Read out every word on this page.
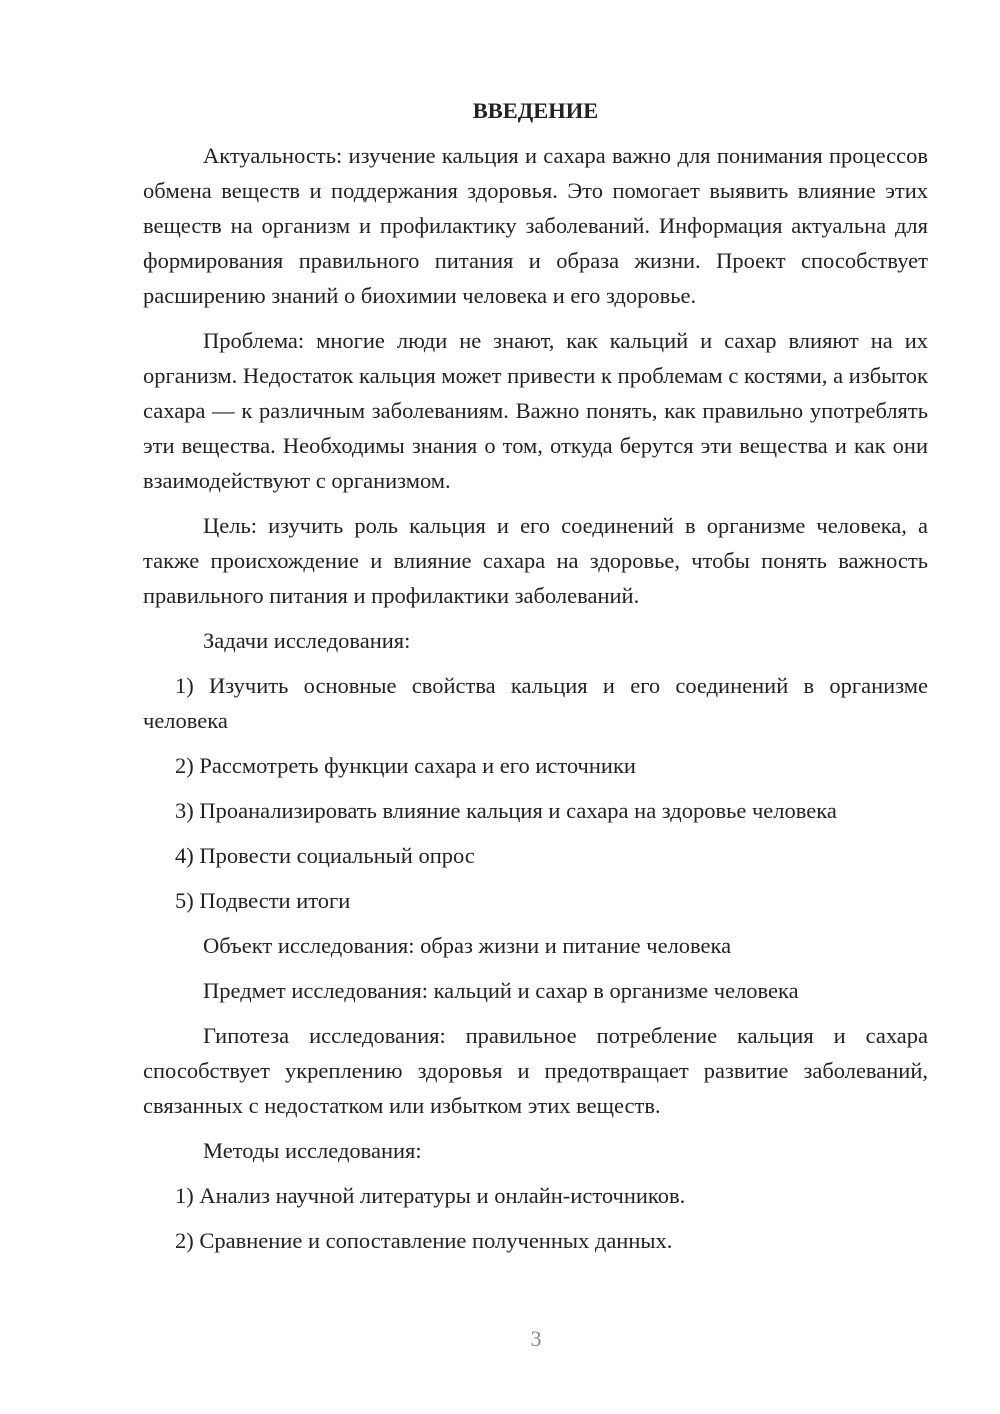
ВВЕДЕНИЕ

Актуальность: изучение кальция и сахара важно для понимания процессов обмена веществ и поддержания здоровья. Это помогает выявить влияние этих веществ на организм и профилактику заболеваний. Информация актуальна для формирования правильного питания и образа жизни. Проект способствует расширению знаний о биохимии человека и его здоровье.

Проблема: многие люди не знают, как кальций и сахар влияют на их организм. Недостаток кальция может привести к проблемам с костями, а избыток сахара — к различным заболеваниям. Важно понять, как правильно употреблять эти вещества. Необходимы знания о том, откуда берутся эти вещества и как они взаимодействуют с организмом.

Цель: изучить роль кальция и его соединений в организме человека, а также происхождение и влияние сахара на здоровье, чтобы понять важность правильного питания и профилактики заболеваний.

Задачи исследования:

1) Изучить основные свойства кальция и его соединений в организме человека

2) Рассмотреть функции сахара и его источники

3) Проанализировать влияние кальция и сахара на здоровье человека

4) Провести социальный опрос

5) Подвести итоги

Объект исследования: образ жизни и питание человека

Предмет исследования: кальций и сахар в организме человека

Гипотеза исследования: правильное потребление кальция и сахара способствует укреплению здоровья и предотвращает развитие заболеваний, связанных с недостатком или избытком этих веществ.

Методы исследования:

1) Анализ научной литературы и онлайн-источников.

2) Сравнение и сопоставление полученных данных.

3
